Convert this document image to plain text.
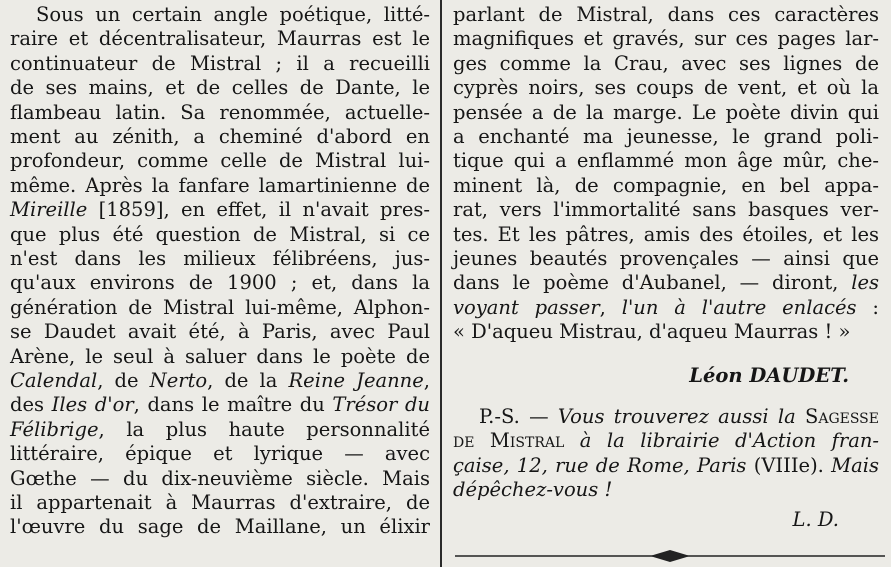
Sous un certain angle poétique, litté-
raire et décentralisateur, Maurras est le
continuateur de Mistral ; il a recueilli
de ses mains, et de celles de Dante, le
flambeau latin. Sa renommée, actuelle-
ment au zénith, a cheminé d'abord en
profondeur, comme celle de Mistral lui-
même. Après la fanfare lamartinienne de
Mireille [1859], en effet, il n'avait pres-
que plus été question de Mistral, si ce
n'est dans les milieux félibréens, jus-
qu'aux environs de 1900 ; et, dans la
génération de Mistral lui-même, Alphon-
se Daudet avait été, à Paris, avec Paul
Arène, le seul à saluer dans le poète de
Calendal, de Nerto, de la Reine Jeanne,
des Iles d'or, dans le maître du Trésor du
Félibrige, la plus haute personnalité
littéraire, épique et lyrique — avec
Gœthe — du dix-neuvième siècle. Mais
il appartenait à Maurras d'extraire, de
l'œuvre du sage de Maillane, un élixir
parlant de Mistral, dans ces caractères
magnifiques et gravés, sur ces pages lar-
ges comme la Crau, avec ses lignes de
cyprès noirs, ses coups de vent, et où la
pensée a de la marge. Le poète divin qui
a enchanté ma jeunesse, le grand poli-
tique qui a enflammé mon âge mûr, che-
minent là, de compagnie, en bel appa-
rat, vers l'immortalité sans basques ver-
tes. Et les pâtres, amis des étoiles, et les
jeunes beautés provençales — ainsi que
dans le poème d'Aubanel, — diront, les
voyant passer, l'un à l'autre enlacés :
« D'aqueu Mistrau, d'aqueu Maurras ! »
Léon DAUDET.
P.-S. — Vous trouverez aussi la Sagesse
de Mistral à la librairie d'Action fran-
çaise, 12, rue de Rome, Paris (VIIIe). Mais
dépêchez-vous !
L. D.
